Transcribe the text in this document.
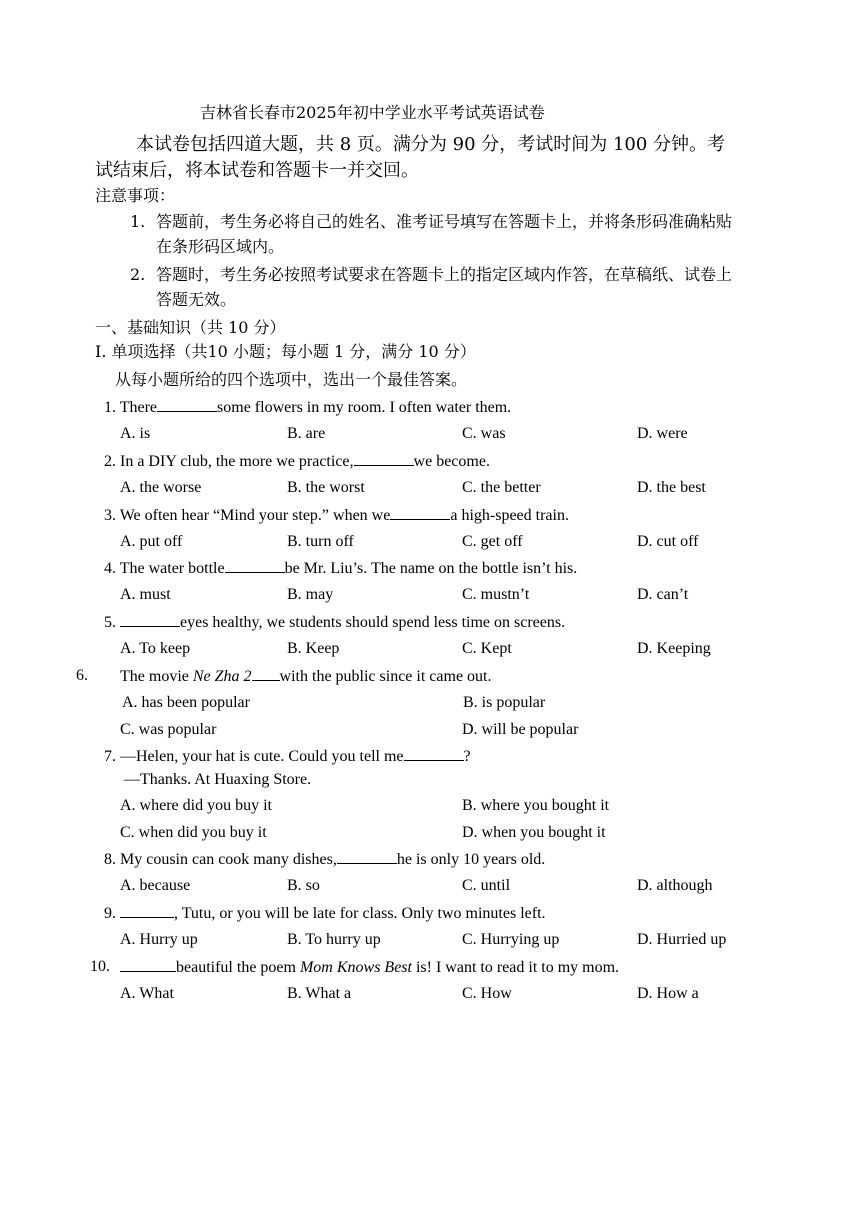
吉林省长春市2025年初中学业水平考试英语试卷
本试卷包括四道大题，共 8 页。满分为 90 分，考试时间为 100 分钟。考
试结束后，将本试卷和答题卡一并交回。
注意事项：
1. 答题前，考生务必将自己的姓名、准考证号填写在答题卡上，并将条形码准确粘贴
在条形码区域内。
2. 答题时，考生务必按照考试要求在答题卡上的指定区域内作答，在草稿纸、试卷上
答题无效。
一、基础知识（共 10 分）
I. 单项选择（共10 小题；每小题 1 分，满分 10 分）
从每小题所给的四个选项中，选出一个最佳答案。
1. There	some flowers in my room. I often water them.
A. is	B. are	C. was	D. were
2. In a DIY club, the more we practice,	we become.
A. the worse	B. the worst	C. the better	D. the best
3. We often hear “Mind your step.” when we	a high-speed train.
A. put off	B. turn off	C. get off	D. cut off
4. The water bottle	be Mr. Liu’s. The name on the bottle isn’t his.
A. must	B. may	C. mustn’t	D. can’t
5.	eyes healthy, we students should spend less time on screens.
A. To keep	B. Keep	C. Kept	D. Keeping
6. The movie Ne Zha 2 with the public since it came out.
A. has been popular	B. is popular
C. was popular	D. will be popular
7. —Helen, your hat is cute. Could you tell me	?
—Thanks. At Huaxing Store.
A. where did you buy it	B. where you bought it
C. when did you buy it	D. when you bought it
8. My cousin can cook many dishes,	he is only 10 years old.
A. because	B. so	C. until	D. although
9.	, Tutu, or you will be late for class. Only two minutes left.
A. Hurry up	B. To hurry up	C. Hurrying up	D. Hurried up
10.	beautiful the poem Mom Knows Best is! I want to read it to my mom.
A. What	B. What a	C. How	D. How a
